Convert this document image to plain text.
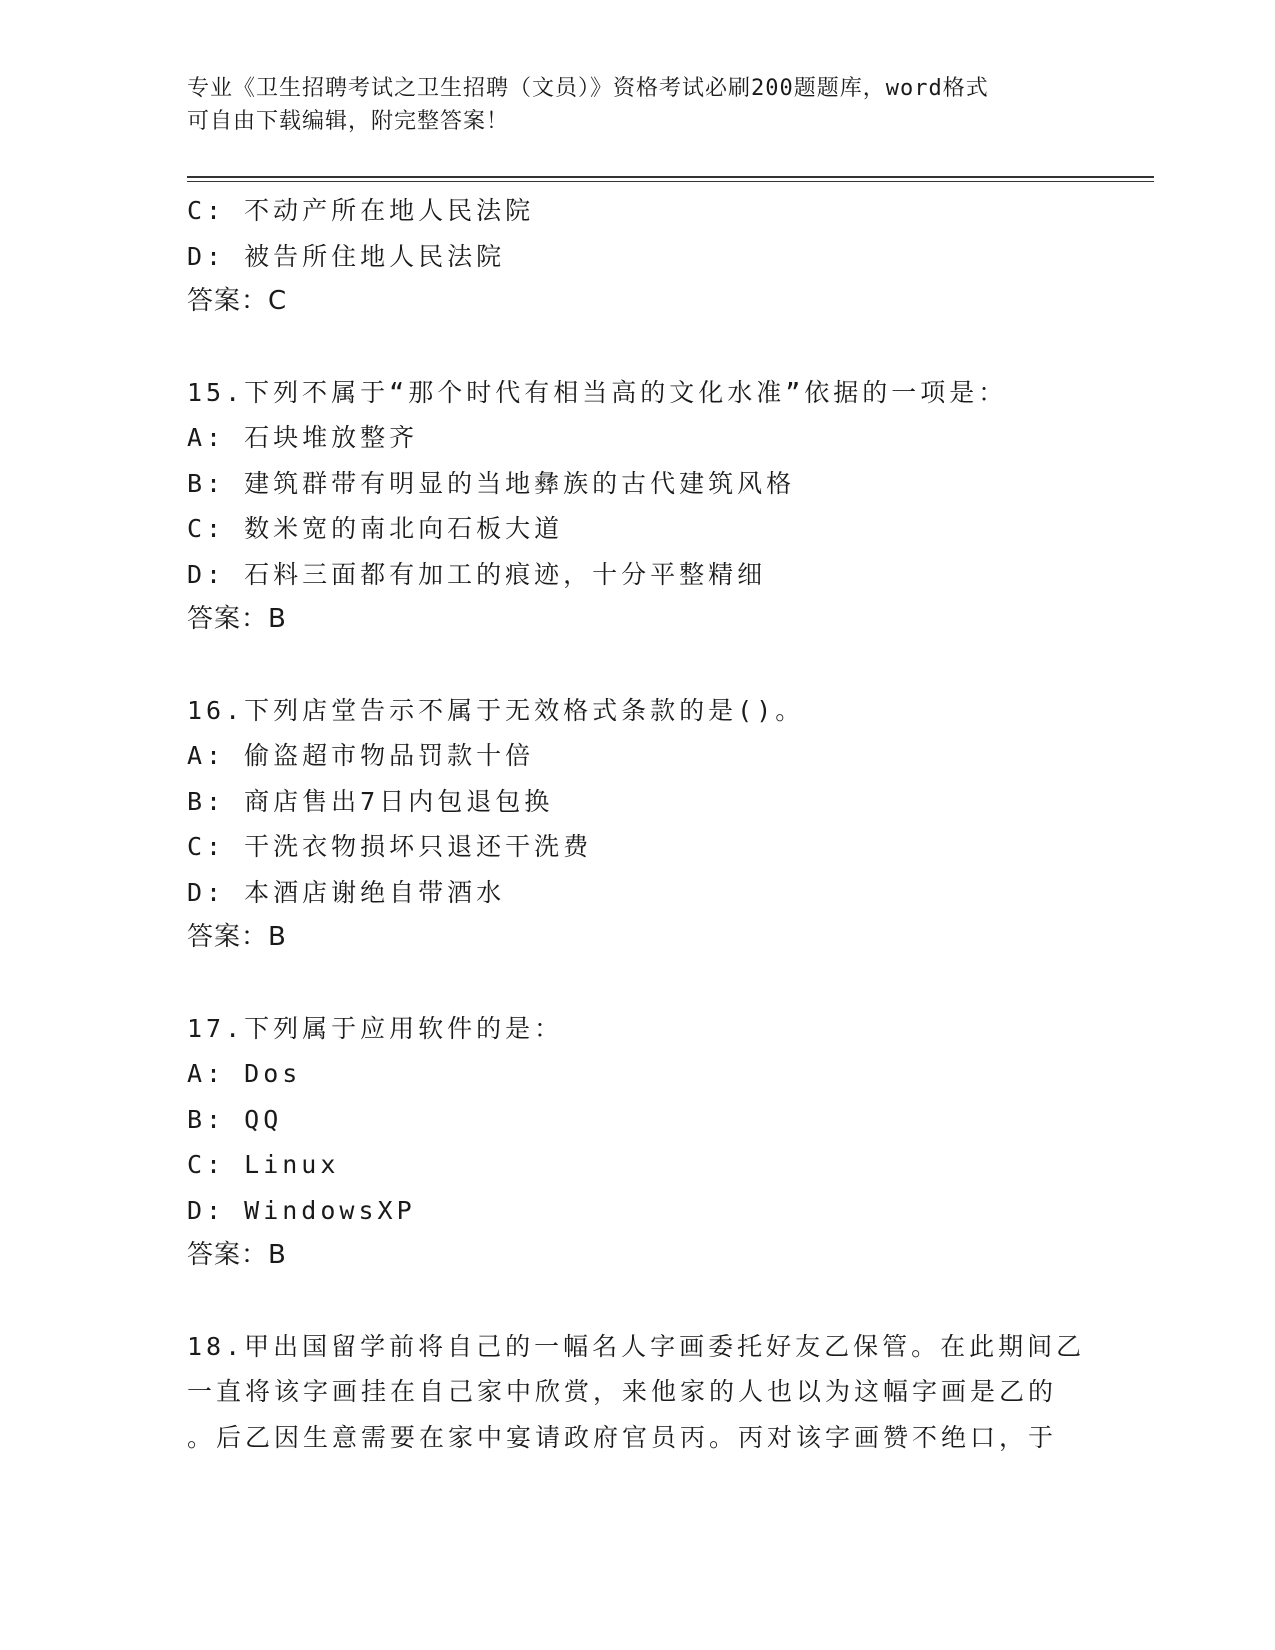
专业《卫生招聘考试之卫生招聘（文员）》资格考试必刷200题题库，word格式
可自由下载编辑，附完整答案！
C: 不动产所在地人民法院
D: 被告所住地人民法院
答案：C
15.下列不属于“那个时代有相当高的文化水准”依据的一项是：
A: 石块堆放整齐
B: 建筑群带有明显的当地彝族的古代建筑风格
C: 数米宽的南北向石板大道
D: 石料三面都有加工的痕迹，十分平整精细
答案：B
16.下列店堂告示不属于无效格式条款的是()。
A: 偷盗超市物品罚款十倍
B: 商店售出7日内包退包换
C: 干洗衣物损坏只退还干洗费
D: 本酒店谢绝自带酒水
答案：B
17.下列属于应用软件的是：
A: Dos
B: QQ
C: Linux
D: WindowsXP
答案：B
18.甲出国留学前将自己的一幅名人字画委托好友乙保管。在此期间乙
一直将该字画挂在自己家中欣赏，来他家的人也以为这幅字画是乙的
。后乙因生意需要在家中宴请政府官员丙。丙对该字画赞不绝口，于
